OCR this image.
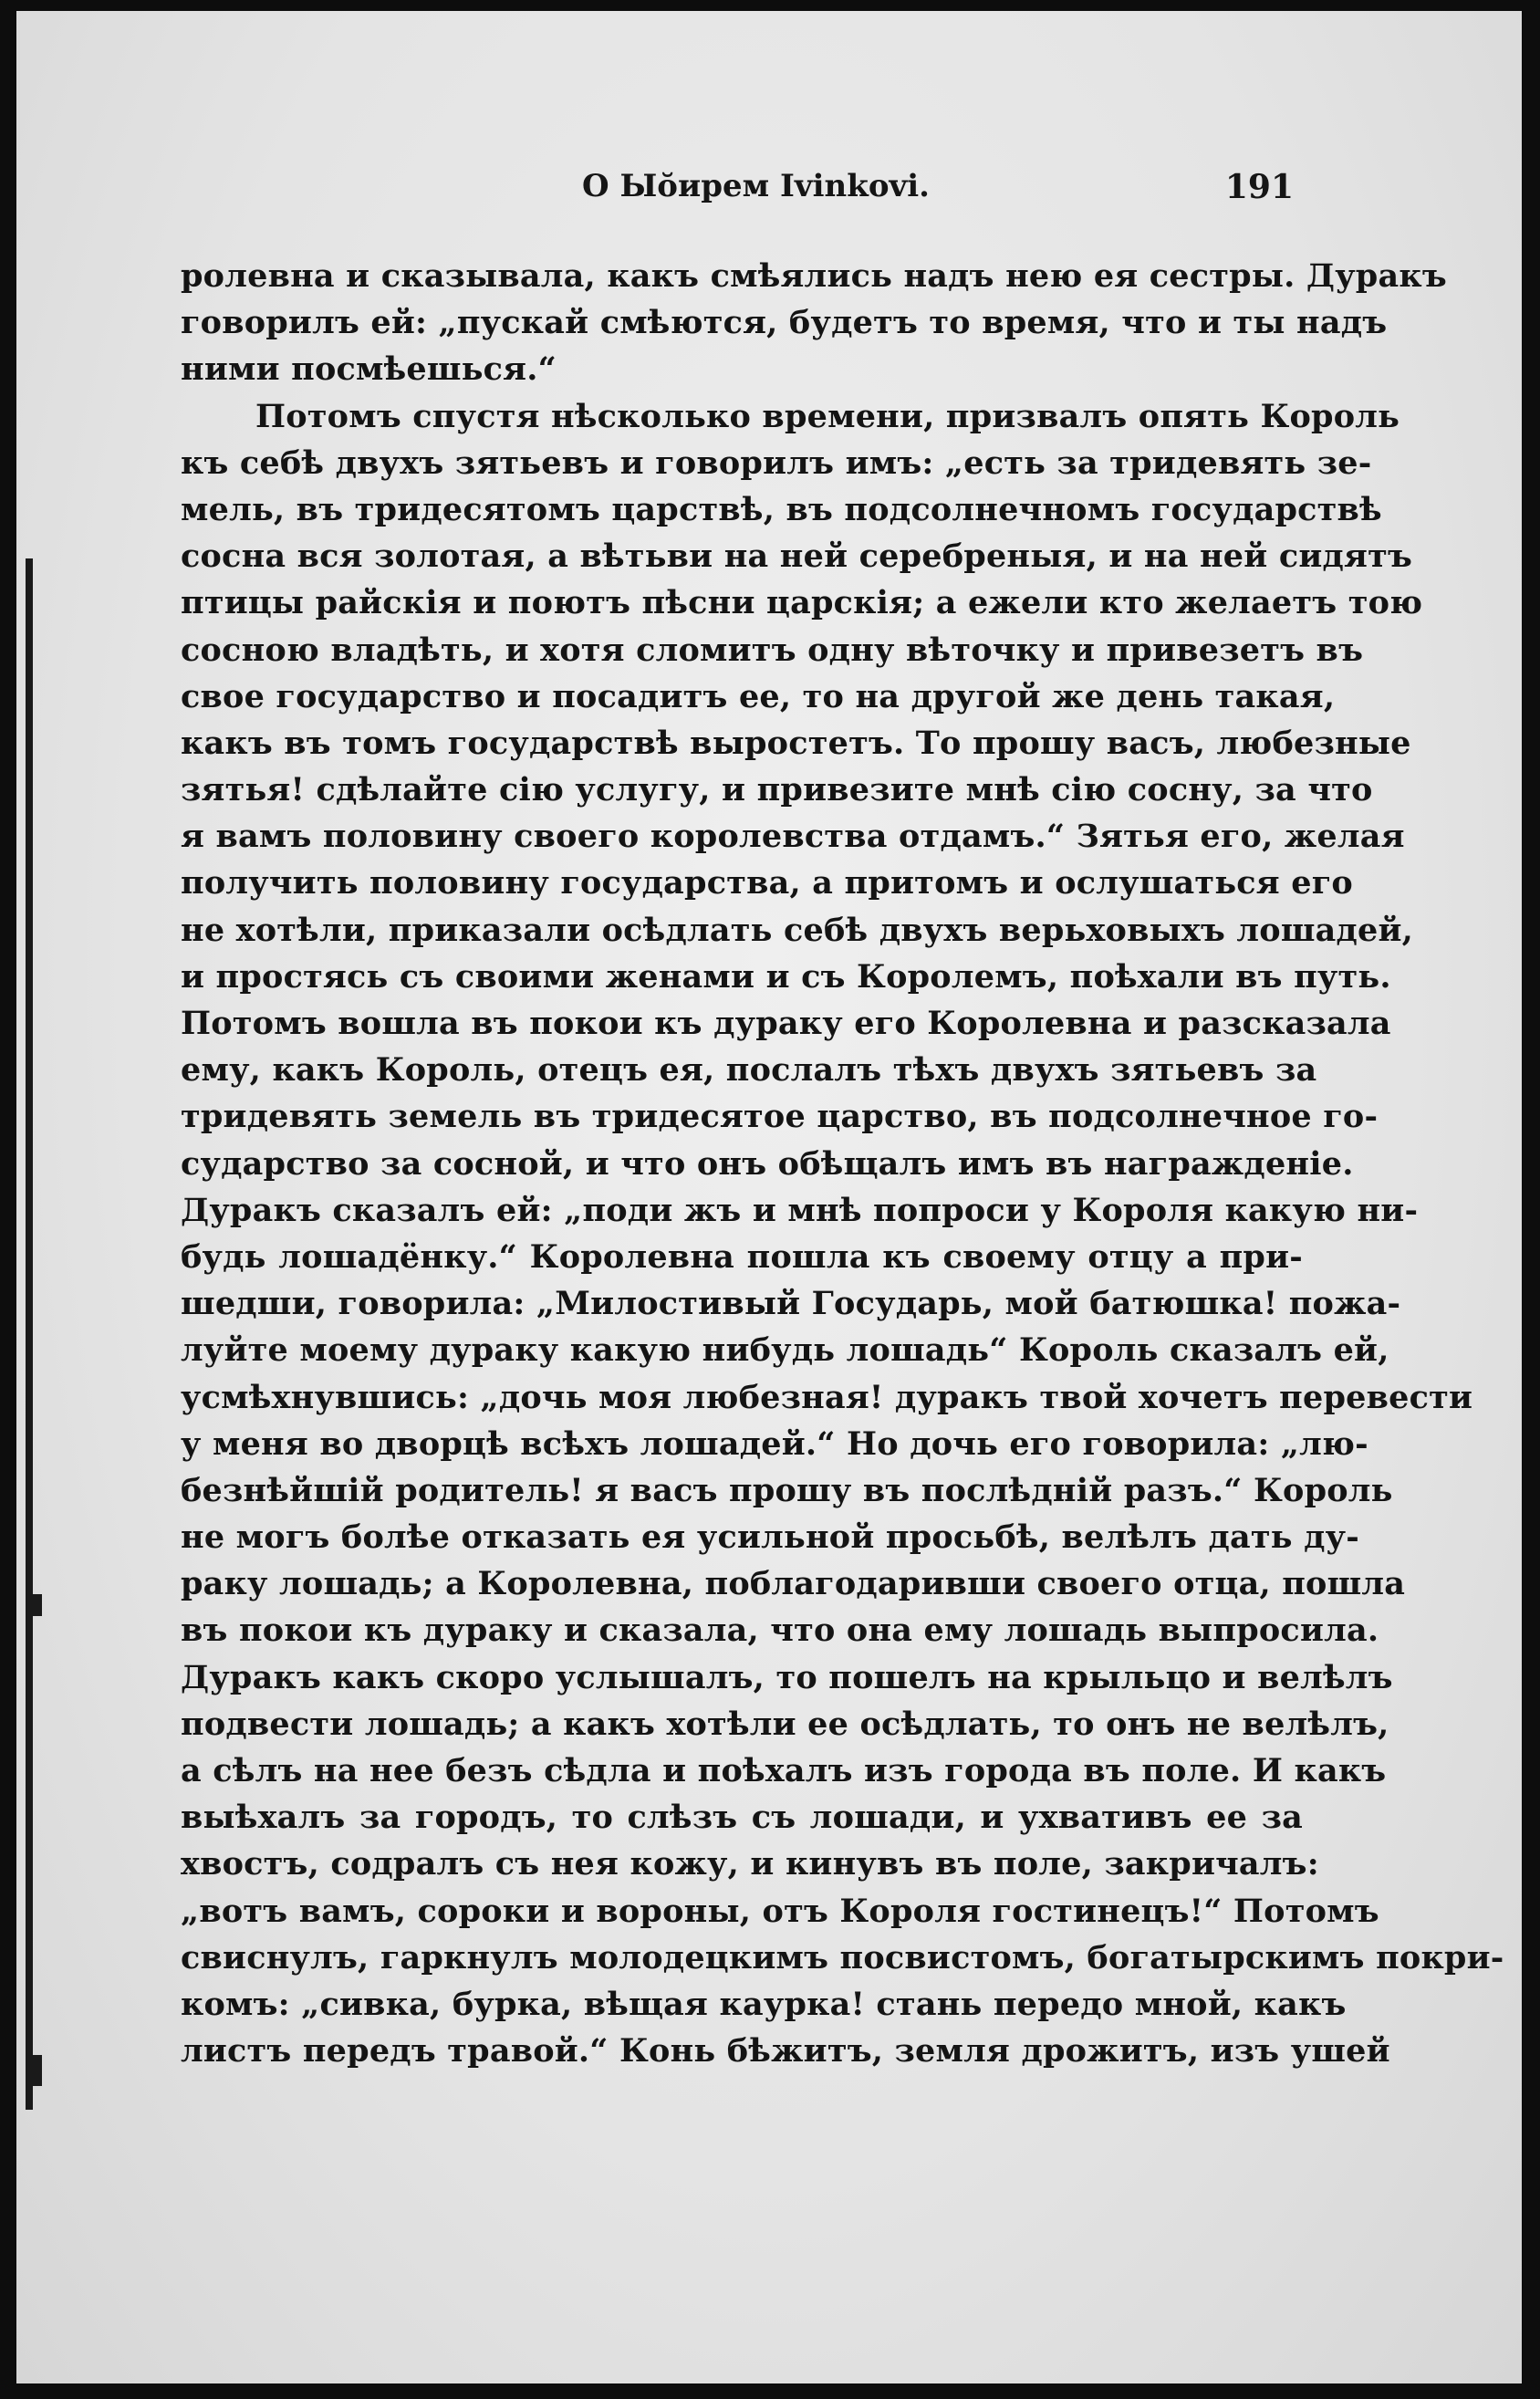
О Ыо̆ирем Ivinkovi.	191
ролевна и сказывала, какъ смѣялись надъ нею ея сестры. Дуракъ
говорилъ ей: „пускай смѣются, будетъ то время, что и ты надъ
ними посмѣешься.“
Потомъ спустя нѣсколько времени, призвалъ опять Король
къ себѣ двухъ зятьевъ и говорилъ имъ: „есть за тридевять зе-
мель, въ тридесятомъ царствѣ, въ подсолнечномъ государствѣ
сосна вся золотая, а вѣтьви на ней серебреныя, и на ней сидятъ
птицы райскія и поютъ пѣсни царскія; а ежели кто желаетъ тою
сосною владѣть, и хотя сломитъ одну вѣточку и привезетъ въ
свое государство и посадитъ ее, то на другой же день такая,
какъ въ томъ государствѣ выростетъ. То прошу васъ, любезные
зятья! сдѣлайте сію услугу, и привезите мнѣ сію сосну, за что
я вамъ половину своего королевства отдамъ.“ Зятья его, желая
получить половину государства, а притомъ и ослушаться его
не хотѣли, приказали осѣдлать себѣ двухъ верьховыхъ лошадей,
и простясь съ своими женами и съ Королемъ, поѣхали въ путь.
Потомъ вошла въ покои къ дураку его Королевна и разсказала
ему, какъ Король, отецъ ея, послалъ тѣхъ двухъ зятьевъ за
тридевять земель въ тридесятое царство, въ подсолнечное го-
сударство за сосной, и что онъ обѣщалъ имъ въ награжденіе.
Дуракъ сказалъ ей: „поди жъ и мнѣ попроси у Короля какую ни-
будь лошадёнку.“ Королевна пошла къ своему отцу а при-
шедши, говорила: „Милостивый Государь, мой батюшка! пожа-
луйте моему дураку какую нибудь лошадь“ Король сказалъ ей,
усмѣхнувшись: „дочь моя любезная! дуракъ твой хочетъ перевести
у меня во дворцѣ всѣхъ лошадей.“ Но дочь его говорила: „лю-
безнѣйшій родитель! я васъ прошу въ послѣдній разъ.“ Король
не могъ болѣе отказать ея усильной просьбѣ, велѣлъ дать ду-
раку лошадь; а Королевна, поблагодаривши своего отца, пошла
въ покои къ дураку и сказала, что она ему лошадь выпросила.
Дуракъ какъ скоро услышалъ, то пошелъ на крыльцо и велѣлъ
подвести лошадь; а какъ хотѣли ее осѣдлать, то онъ не велѣлъ,
а сѣлъ на нее безъ сѣдла и поѣхалъ изъ города въ поле. И какъ
выѣхалъ за городъ, то слѣзъ съ лошади, и ухвативъ ее за
хвостъ, содралъ съ нея кожу, и кинувъ въ поле, закричалъ:
„вотъ вамъ, сороки и вороны, отъ Короля гостинецъ!“ Потомъ
свиснулъ, гаркнулъ молодецкимъ посвистомъ, богатырскимъ покри-
комъ: „сивка, бурка, вѣщая каурка! стань передо мной, какъ
листъ передъ травой.“ Конь бѣжитъ, земля дрожитъ, изъ ушей
